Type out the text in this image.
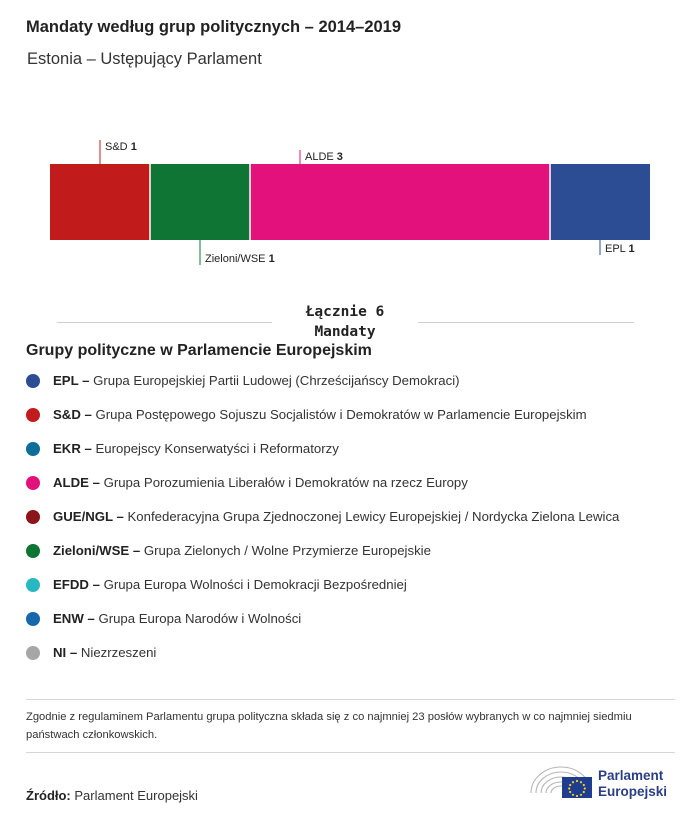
Mandaty według grup politycznych – 2014–2019
Estonia – Ustępujący Parlament
S&D 1
Zieloni/WSE 1
ALDE 3
EPL 1
Łącznie 6
Mandaty
Grupy polityczne w Parlamencie Europejskim
EPL – Grupa Europejskiej Partii Ludowej (Chrześcijańscy Demokraci)
S&D – Grupa Postępowego Sojuszu Socjalistów i Demokratów w Parlamencie Europejskim
EKR – Europejscy Konserwatyści i Reformatorzy
ALDE – Grupa Porozumienia Liberałów i Demokratów na rzecz Europy
GUE/NGL – Konfederacyjna Grupa Zjednoczonej Lewicy Europejskiej / Nordycka Zielona Lewica
Zieloni/WSE – Grupa Zielonych / Wolne Przymierze Europejskie
EFDD – Grupa Europa Wolności i Demokracji Bezpośredniej
ENW – Grupa Europa Narodów i Wolności
NI – Niezrzeszeni
Zgodnie z regulaminem Parlamentu grupa polityczna składa się z co najmniej 23 posłów wybranych w co najmniej siedmiu państwach członkowskich.
Źródło: Parlament Europejski
Parlament
Europejski
